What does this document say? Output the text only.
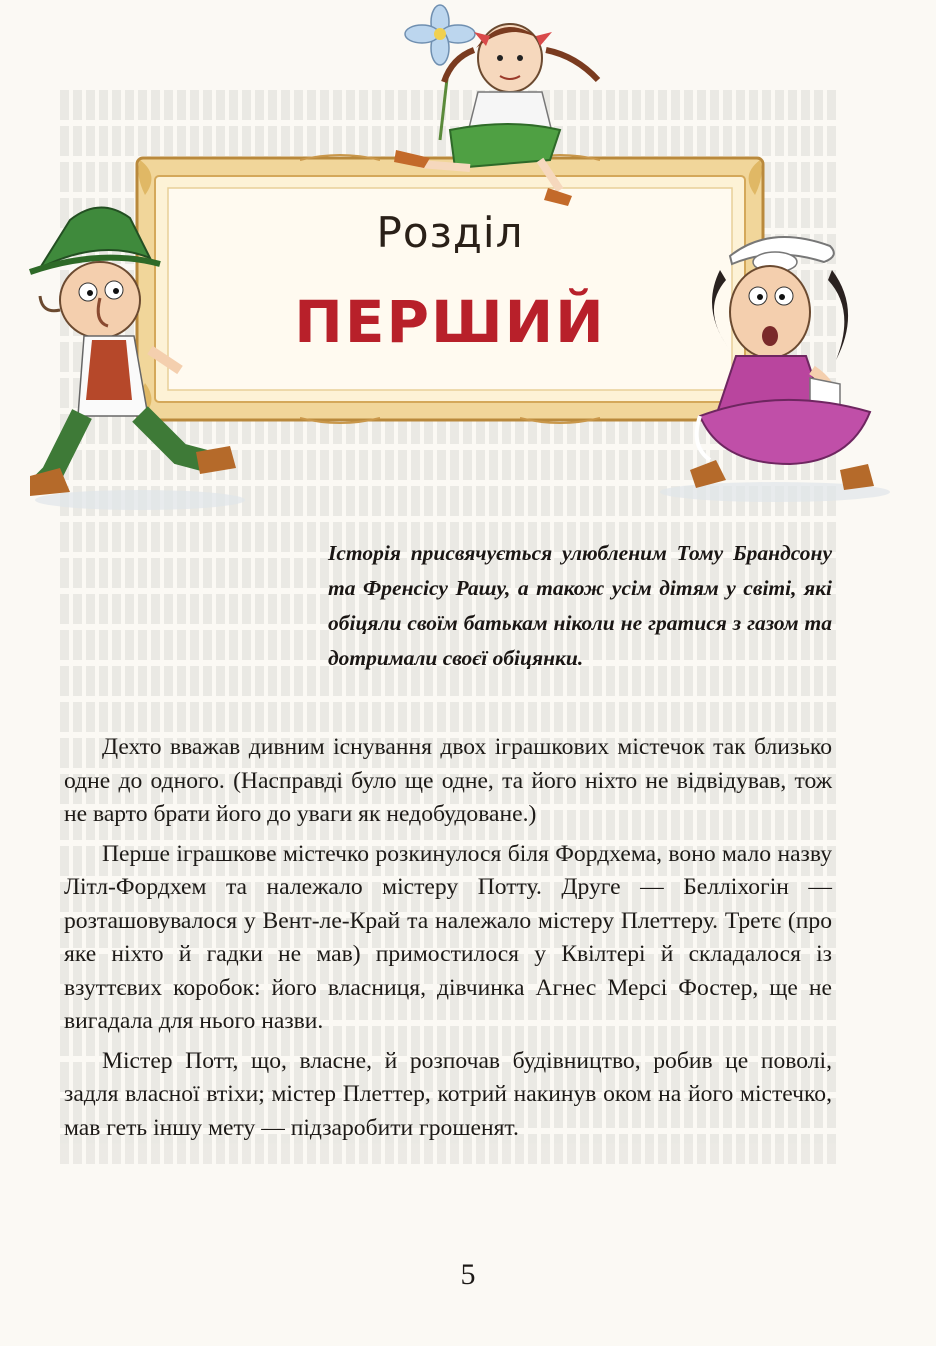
Розділ
ПЕРШИЙ
Історія присвячується улюбленим Тому Брандсону та Френсісу Рашу, а також усім дітям у світі, які обіцяли своїм батькам ніколи не гратися з газом та дотримали своєї обіцянки.

Дехто вважав дивним існування двох іграшкових містечок так близько одне до одного. (Насправді було ще одне, та його ніхто не відвідував, тож не варто брати його до уваги як недобудоване.)

Перше іграшкове містечко розкинулося біля Фордхема, воно мало назву Літл-Фордхем та належало містеру Потту. Друге — Белліхогін — розташовувалося у Вент-ле-Край та належало містеру Плеттеру. Третє (про яке ніхто й гадки не мав) примостилося у Квілтері й складалося із взуттєвих коробок: його власниця, дівчинка Агнес Мерсі Фостер, ще не вигадала для нього назви.

Містер Потт, що, власне, й розпочав будівництво, робив це поволі, задля власної втіхи; містер Плеттер, котрий накинув оком на його містечко, мав геть іншу мету — підзаробити грошенят.

5
